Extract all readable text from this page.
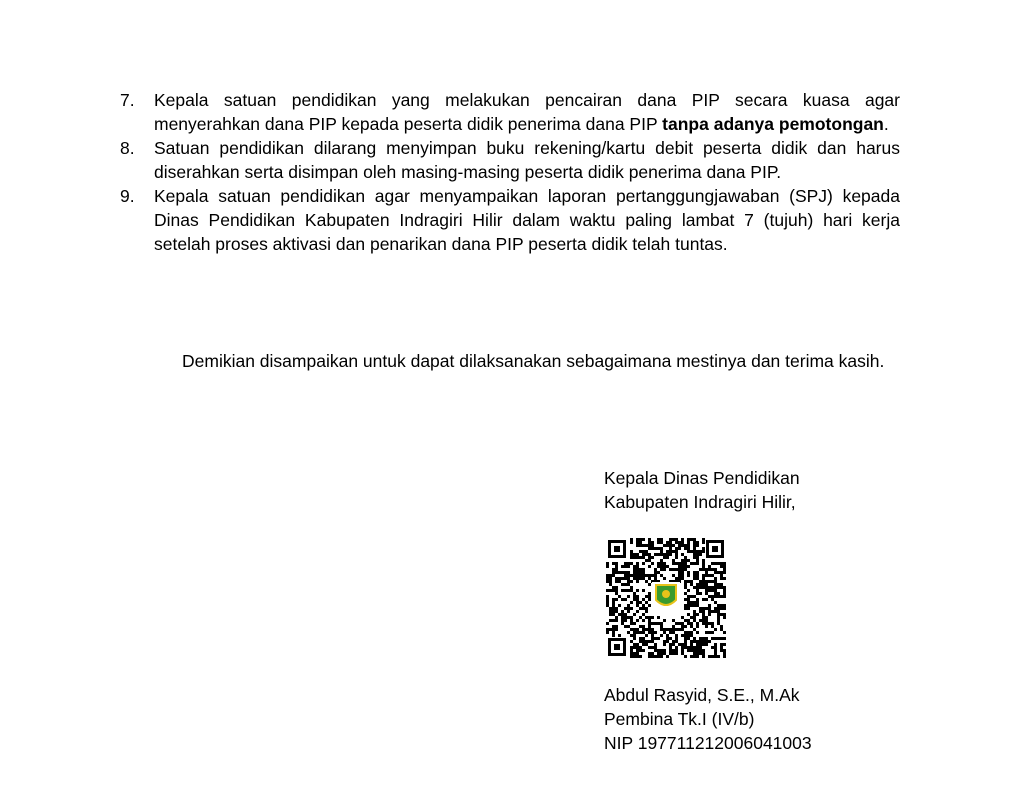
7.	Kepala satuan pendidikan yang melakukan pencairan dana PIP secara kuasa agar menyerahkan dana PIP kepada peserta didik penerima dana PIP tanpa adanya pemotongan.
8.	Satuan pendidikan dilarang menyimpan buku rekening/kartu debit peserta didik dan harus diserahkan serta disimpan oleh masing-masing peserta didik penerima dana PIP.
9.	Kepala satuan pendidikan agar menyampaikan laporan pertanggungjawaban (SPJ) kepada Dinas Pendidikan Kabupaten Indragiri Hilir dalam waktu paling lambat 7 (tujuh) hari kerja setelah proses aktivasi dan penarikan dana PIP peserta didik telah tuntas.
Demikian disampaikan untuk dapat dilaksanakan sebagaimana mestinya dan terima kasih.
Kepala Dinas Pendidikan
Kabupaten Indragiri Hilir,
Abdul Rasyid, S.E., M.Ak
Pembina Tk.I (IV/b)
NIP 197711212006041003
